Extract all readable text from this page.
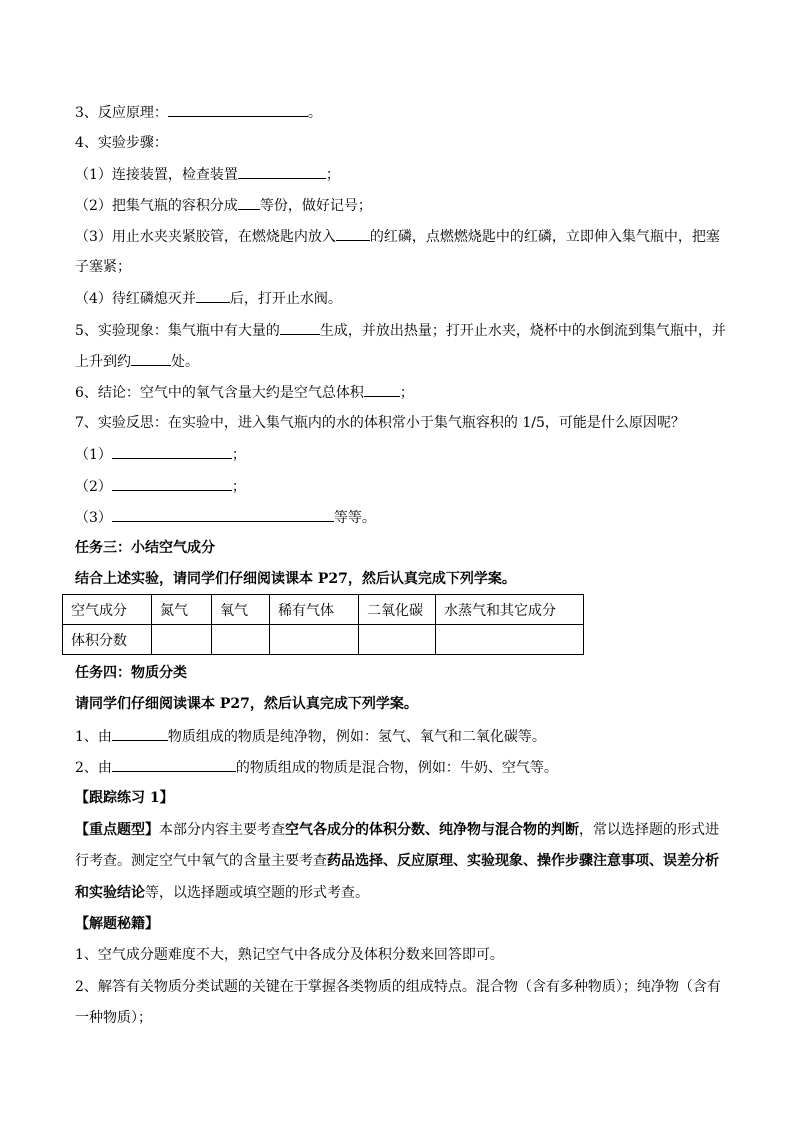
3、反应原理：	。
4、实验步骤：
（1）连接装置，检查装置	；
（2）把集气瓶的容积分成 等份，做好记号；
（3）用止水夹夹紧胶管，在燃烧匙内放入 的红磷，点燃燃烧匙中的红磷，立即伸入集气瓶中，把塞
子塞紧；
（4）待红磷熄灭并 后，打开止水阀。
5、实验现象：集气瓶中有大量的	生成，并放出热量；打开止水夹，烧杯中的水倒流到集气瓶中，并
上升到约	处。
6、结论：空气中的氧气含量大约是空气总体积	；
7、实验反思：在实验中，进入集气瓶内的水的体积常小于集气瓶容积的 1/5，可能是什么原因呢？
（1）	；
（2）	；
（3）	等等。
任务三：小结空气成分
结合上述实验，请同学们仔细阅读课本 P27，然后认真完成下列学案。
空气成分	氮气	氧气	稀有气体	二氧化碳	水蒸气和其它成分
体积分数					
任务四：物质分类
请同学们仔细阅读课本 P27，然后认真完成下列学案。
1、由	物质组成的物质是纯净物，例如：氢气、氧气和二氧化碳等。
2、由	的物质组成的物质是混合物，例如：牛奶、空气等。
【跟踪练习 1】
【重点题型】本部分内容主要考查空气各成分的体积分数、纯净物与混合物的判断，常以选择题的形式进
行考查。测定空气中氧气的含量主要考查药品选择、反应原理、实验现象、操作步骤注意事项、误差分析
和实验结论等，以选择题或填空题的形式考查。
【解题秘籍】
1、空气成分题难度不大，熟记空气中各成分及体积分数来回答即可。
2、解答有关物质分类试题的关键在于掌握各类物质的组成特点。混合物（含有多种物质）；纯净物（含有
一种物质）；
